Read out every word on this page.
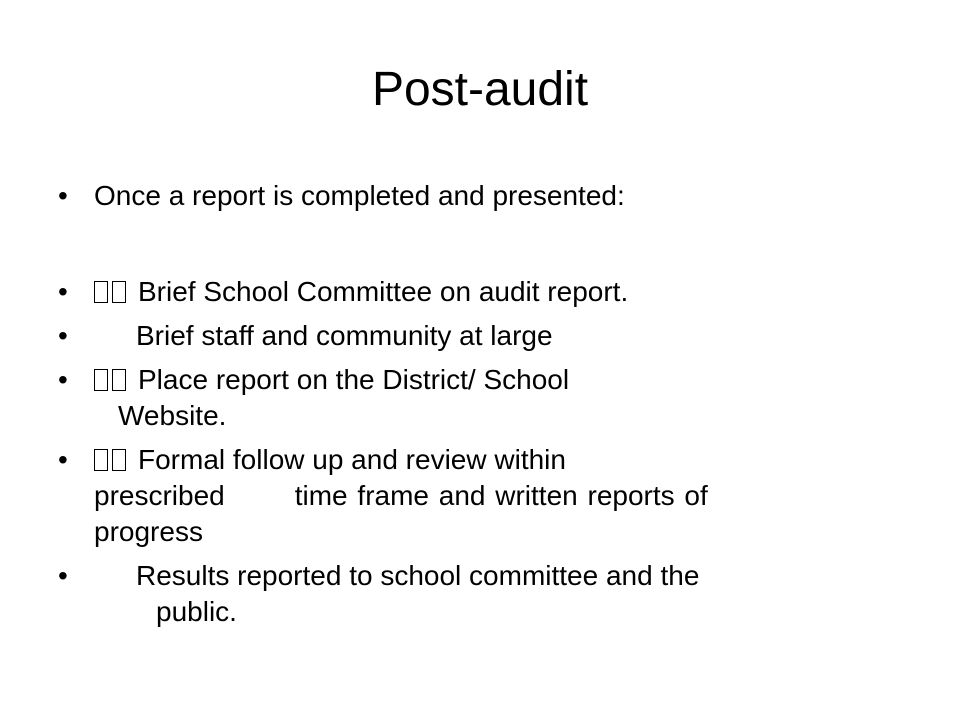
Post-audit
• Once a report is completed and presented:
•	Brief School Committee on audit report.
•	Brief staff and community at large
•	Place report on the District/ School
Website.
•	Formal follow up and review within
prescribed	time frame and written reports of
progress
•	Results reported to school committee and the
public.
